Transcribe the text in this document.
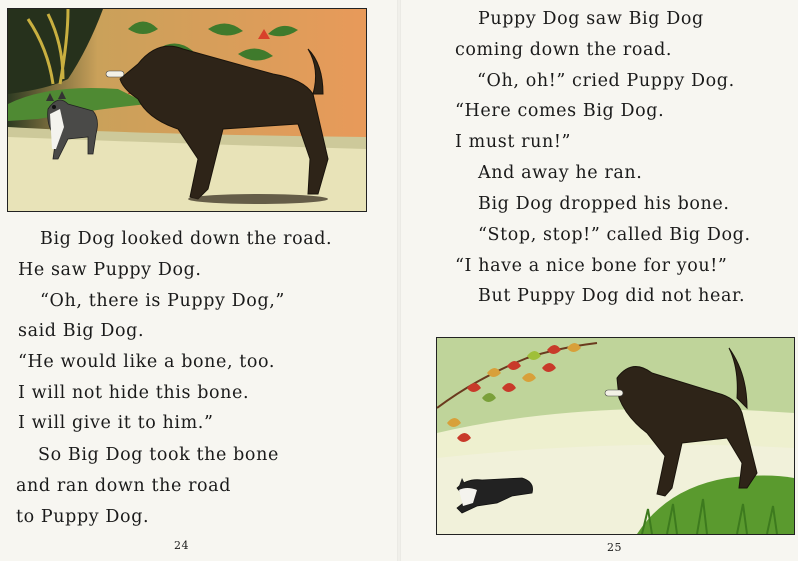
Big Dog looked down the road.
He saw Puppy Dog.
“Oh, there is Puppy Dog,”
said Big Dog.
“He would like a bone, too.
I will not hide this bone.
I will give it to him.”
So Big Dog took the bone
and ran down the road
to Puppy Dog.
24
Puppy Dog saw Big Dog
coming down the road.
“Oh, oh!” cried Puppy Dog.
“Here comes Big Dog.
I must run!”
And away he ran.
Big Dog dropped his bone.
“Stop, stop!” called Big Dog.
“I have a nice bone for you!”
But Puppy Dog did not hear.
25
